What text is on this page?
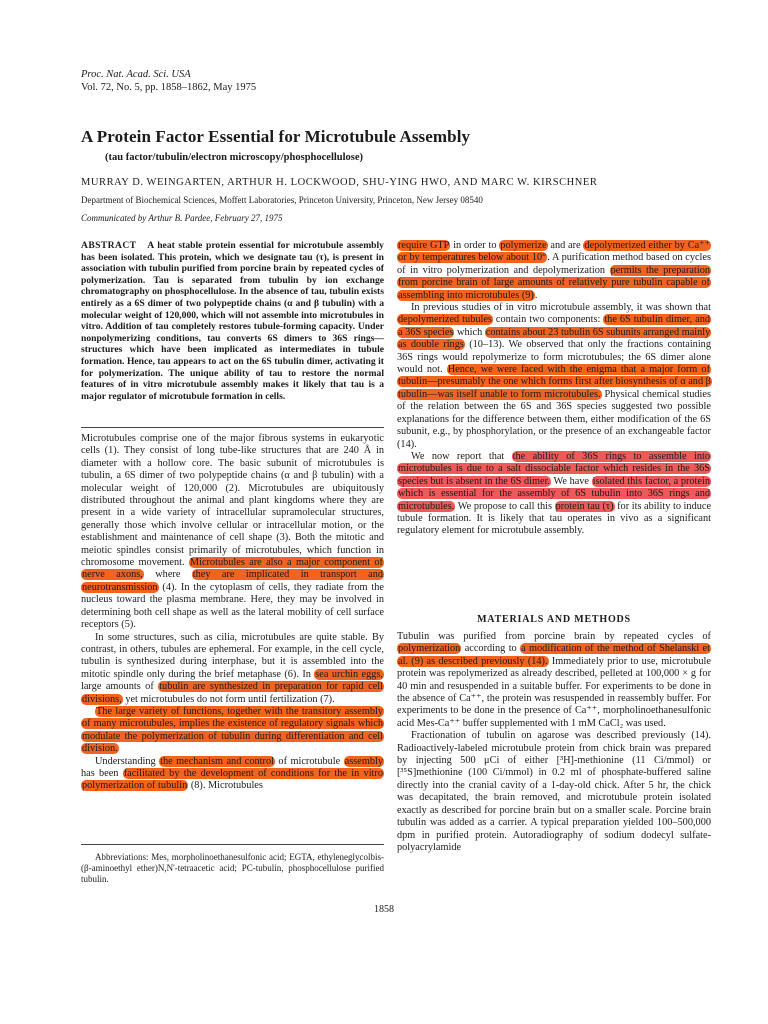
Proc. Nat. Acad. Sci. USA
Vol. 72, No. 5, pp. 1858–1862, May 1975
A Protein Factor Essential for Microtubule Assembly
(tau factor/tubulin/electron microscopy/phosphocellulose)
MURRAY D. WEINGARTEN, ARTHUR H. LOCKWOOD, SHU-YING HWO, AND MARC W. KIRSCHNER
Department of Biochemical Sciences, Moffett Laboratories, Princeton University, Princeton, New Jersey 08540
Communicated by Arthur B. Pardee, February 27, 1975

ABSTRACT A heat stable protein essential for microtubule assembly has been isolated. This protein, which we designate tau (τ), is present in association with tubulin purified from porcine brain by repeated cycles of polymerization. Tau is separated from tubulin by ion exchange chromatography on phosphocellulose. In the absence of tau, tubulin exists entirely as a 6S dimer of two polypeptide chains (α and β tubulin) with a molecular weight of 120,000, which will not assemble into microtubules in vitro. Addition of tau completely restores tubule-forming capacity. Under nonpolymerizing conditions, tau converts 6S dimers to 36S rings—structures which have been implicated as intermediates in tubule formation. Hence, tau appears to act on the 6S tubulin dimer, activating it for polymerization. The unique ability of tau to restore the normal features of in vitro microtubule assembly makes it likely that tau is a major regulator of microtubule formation in cells.

Microtubules comprise one of the major fibrous systems in eukaryotic cells (1). They consist of long tube-like structures that are 240 Å in diameter with a hollow core. The basic subunit of microtubules is tubulin, a 6S dimer of two polypeptide chains (α and β tubulin) with a molecular weight of 120,000 (2). Microtubules are ubiquitously distributed throughout the animal and plant kingdoms where they are present in a wide variety of intracellular supramolecular structures, generally those which involve cellular or intracellular motion, or the establishment and maintenance of cell shape (3). Both the mitotic and meiotic spindles consist primarily of microtubules, which function in chromosome movement. Microtubules are also a major component of nerve axons, where they are implicated in transport and neurotransmission (4). In the cytoplasm of cells, they radiate from the nucleus toward the plasma membrane. Here, they may be involved in determining both cell shape as well as the lateral mobility of cell surface receptors (5).

In some structures, such as cilia, microtubules are quite stable. By contrast, in others, tubules are ephemeral. For example, in the cell cycle, tubulin is synthesized during interphase, but it is assembled into the mitotic spindle only during the brief metaphase (6). In sea urchin eggs, large amounts of tubulin are synthesized in preparation for rapid cell divisions, yet microtubules do not form until fertilization (7).

The large variety of functions, together with the transitory assembly of many microtubules, implies the existence of regulatory signals which modulate the polymerization of tubulin during differentiation and cell division.

Understanding the mechanism and control of microtubule assembly has been facilitated by the development of conditions for the in vitro polymerization of tubulin (8). Microtubules

Abbreviations: Mes, morpholinoethanesulfonic acid; EGTA, ethyleneglycolbis-(β-aminoethyl ether)N,N'-tetraacetic acid; PC-tubulin, phosphocellulose purified tubulin.

require GTP in order to polymerize and are depolymerized either by Ca⁺⁺ or by temperatures below about 10°. A purification method based on cycles of in vitro polymerization and depolymerization permits the preparation from porcine brain of large amounts of relatively pure tubulin capable of assembling into microtubules (9).

In previous studies of in vitro microtubule assembly, it was shown that depolymerized tubules contain two components: the 6S tubulin dimer, and a 36S species which contains about 23 tubulin 6S subunits arranged mainly as double rings (10–13). We observed that only the fractions containing 36S rings would repolymerize to form microtubules; the 6S dimer alone would not. Hence, we were faced with the enigma that a major form of tubulin—presumably the one which forms first after biosynthesis of α and β tubulin—was itself unable to form microtubules. Physical chemical studies of the relation between the 6S and 36S species suggested two possible explanations for the difference between them, either modification of the 6S subunit, e.g., by phosphorylation, or the presence of an exchangeable factor (14).

We now report that the ability of 36S rings to assemble into microtubules is due to a salt dissociable factor which resides in the 36S species but is absent in the 6S dimer. We have isolated this factor, a protein which is essential for the assembly of 6S tubulin into 36S rings and microtubules. We propose to call this protein tau (τ) for its ability to induce tubule formation. It is likely that tau operates in vivo as a significant regulatory element for microtubule assembly.

MATERIALS AND METHODS

Tubulin was purified from porcine brain by repeated cycles of polymerization according to a modification of the method of Shelanski et al. (9) as described previously (14). Immediately prior to use, microtubule protein was repolymerized as already described, pelleted at 100,000 × g for 40 min and resuspended in a suitable buffer. For experiments to be done in the absence of Ca⁺⁺, the protein was resuspended in reassembly buffer. For experiments to be done in the presence of Ca⁺⁺, morpholinoethanesulfonic acid Mes-Ca⁺⁺ buffer supplemented with 1 mM CaCl₂ was used.

Fractionation of tubulin on agarose was described previously (14). Radioactively-labeled microtubule protein from chick brain was prepared by injecting 500 μCi of either [³H]-methionine (11 Ci/mmol) or [³⁵S]methionine (100 Ci/mmol) in 0.2 ml of phosphate-buffered saline directly into the cranial cavity of a 1-day-old chick. After 5 hr, the chick was decapitated, the brain removed, and microtubule protein isolated exactly as described for porcine brain but on a smaller scale. Porcine brain tubulin was added as a carrier. A typical preparation yielded 100–500,000 dpm in purified protein. Autoradiography of sodium dodecyl sulfate-polyacrylamide

1858
